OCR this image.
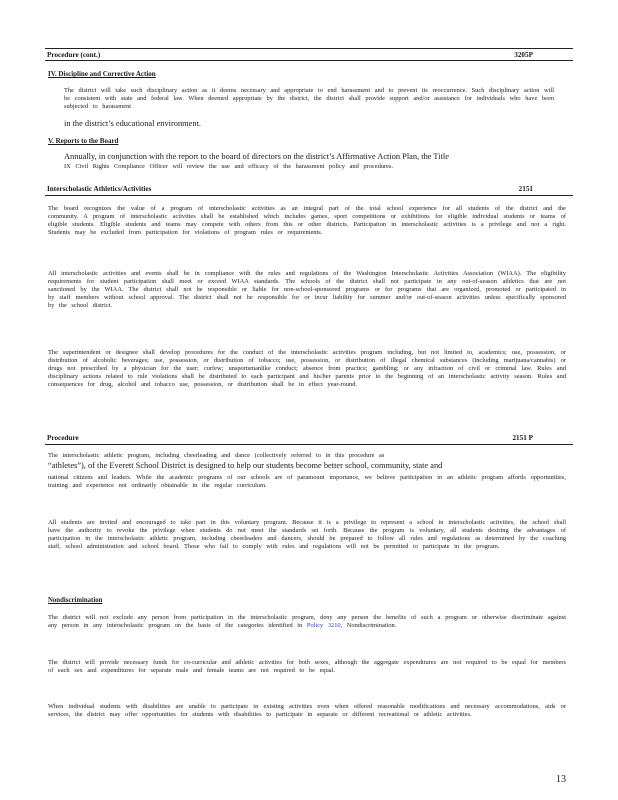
Procedure (cont.)	3205P
IV. Discipline and Corrective Action
The district will take such disciplinary action as it deems necessary and appropriate to end harassment and to prevent its reoccurrence. Such disciplinary action will be consistent with state and federal law. When deemed appropriate by the district, the district shall provide support and/or assistance for individuals who have been subjected to harassment
in the district’s educational environment.
V. Reports to the Board
Annually, in conjunction with the report to the board of directors on the district’s Affirmative Action Plan, the Title
IX Civil Rights Compliance Officer will review the use and efficacy of the harassment policy and procedures.
Interscholastic Athletics/Activities	2151
The board recognizes the value of a program of interscholastic activities as an integral part of the total school experience for all students of the district and the community. A program of interscholastic activities shall be established which includes games, sport competitions or exhibitions for eligible individual students or teams of eligible students. Eligible students and teams may compete with others from this or other districts. Participation in interscholastic activities is a privilege and not a right. Students may be excluded from participation for violations of program rules or requirements.
All interscholastic activities and events shall be in compliance with the rules and regulations of the Washington Interscholastic Activities Association (WIAA). The eligibility requirements for student participation shall meet or exceed WIAA standards. The schools of the district shall not participate in any out-of-season athletics that are not sanctioned by the WIAA. The district shall not be responsible or liable for non-school-sponsored programs or for programs that are organized, promoted or participated in by staff members without school approval. The district shall not be responsible for or incur liability for summer and/or out-of-season activities unless specifically sponsored by the school district.
The superintendent or designee shall develop procedures for the conduct of the interscholastic activities program including, but not limited to, academics; use, possession, or distribution of alcoholic beverages; use, possession, or distribution of tobacco; use, possession, or distribution of illegal chemical substances (including marijuana/cannabis) or drugs not prescribed by a physician for the user; curfew; unsportsmanlike conduct; absence from practice; gambling; or any infraction of civil or criminal law. Rules and disciplinary actions related to rule violations shall be distributed to each participant and his/her parents prior to the beginning of an interscholastic activity season. Rules and consequences for drug, alcohol and tobacco use, possession, or distribution shall be in effect year-round.
Procedure	2151 P
The interscholastic athletic program, including cheerleading and dance (collectively referred to in this procedure as
“athletes”), of the Everett School District is designed to help our students become better school, community, state and
national citizens and leaders. While the academic programs of our schools are of paramount importance, we believe participation in an athletic program affords opportunities, training and experience not ordinarily obtainable in the regular curriculum.
All students are invited and encouraged to take part in this voluntary program. Because it is a privilege to represent a school in interscholastic activities, the school shall have the authority to revoke the privilege when students do not meet the standards set forth. Because the program is voluntary, all students desiring the advantages of participation in the interscholastic athletic program, including cheerleaders and dancers, should be prepared to follow all rules and regulations as determined by the coaching staff, school administration and school board. Those who fail to comply with rules and regulations will not be permitted to participate in the program.
Nondiscrimination
The district will not exclude any person from participation in the interscholastic program, deny any person the benefits of such a program or otherwise discriminate against any person in any interscholastic program on the basis of the categories identified in Policy 3210, Nondiscrimination.
The district will provide necessary funds for co-curricular and athletic activities for both sexes, although the aggregate expenditures are not required to be equal for members of each sex and expenditures for separate male and female teams are not required to be equal.
When individual students with disabilities are unable to participate in existing activities even when offered reasonable modifications and necessary accommodations, aids or services, the district may offer opportunities for students with disabilities to participate in separate or different recreational or athletic activities.
13
